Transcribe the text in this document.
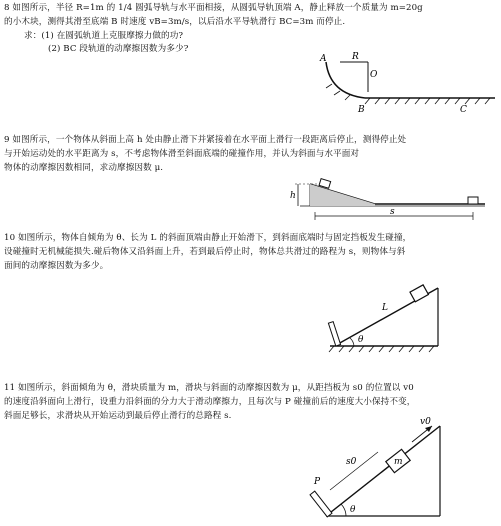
8 如图所示，半径 R=1m 的 1/4 圆弧导轨与水平面相接，从圆弧导轨顶端 A，静止释放一个质量为 m=20g
的小木块，测得其滑至底端 B 时速度 vB=3m/s，以后沿水平导轨滑行 BC=3m 而停止.
求：(1) 在圆弧轨道上克服摩擦力做的功?
(2) BC 段轨道的动摩擦因数为多少?
A	R
O
B	C
9 如图所示，一个物体从斜面上高 h 处由静止滑下并紧接着在水平面上滑行一段距离后停止，测得停止处
与开始运动处的水平距离为 s，不考虑物体滑至斜面底端的碰撞作用，并认为斜面与水平面对
物体的动摩擦因数相同，求动摩擦因数 μ.
h
s
10 如图所示，物体自倾角为 θ、长为 L 的斜面顶端由静止开始滑下，到斜面底端时与固定挡板发生碰撞，
设碰撞时无机械能损失.碰后物体又沿斜面上升，若到最后停止时，物体总共滑过的路程为 s，则物体与斜
面间的动摩擦因数为多少。
L
θ
11 如图所示，斜面倾角为 θ，滑块质量为 m，滑块与斜面的动摩擦因数为 μ，从距挡板为 s0 的位置以 v0
的速度沿斜面向上滑行，设重力沿斜面的分力大于滑动摩擦力，且每次与 P 碰撞前后的速度大小保持不变，
斜面足够长，求滑块从开始运动到最后停止滑行的总路程 s.
P
m
v0
s0
θ
